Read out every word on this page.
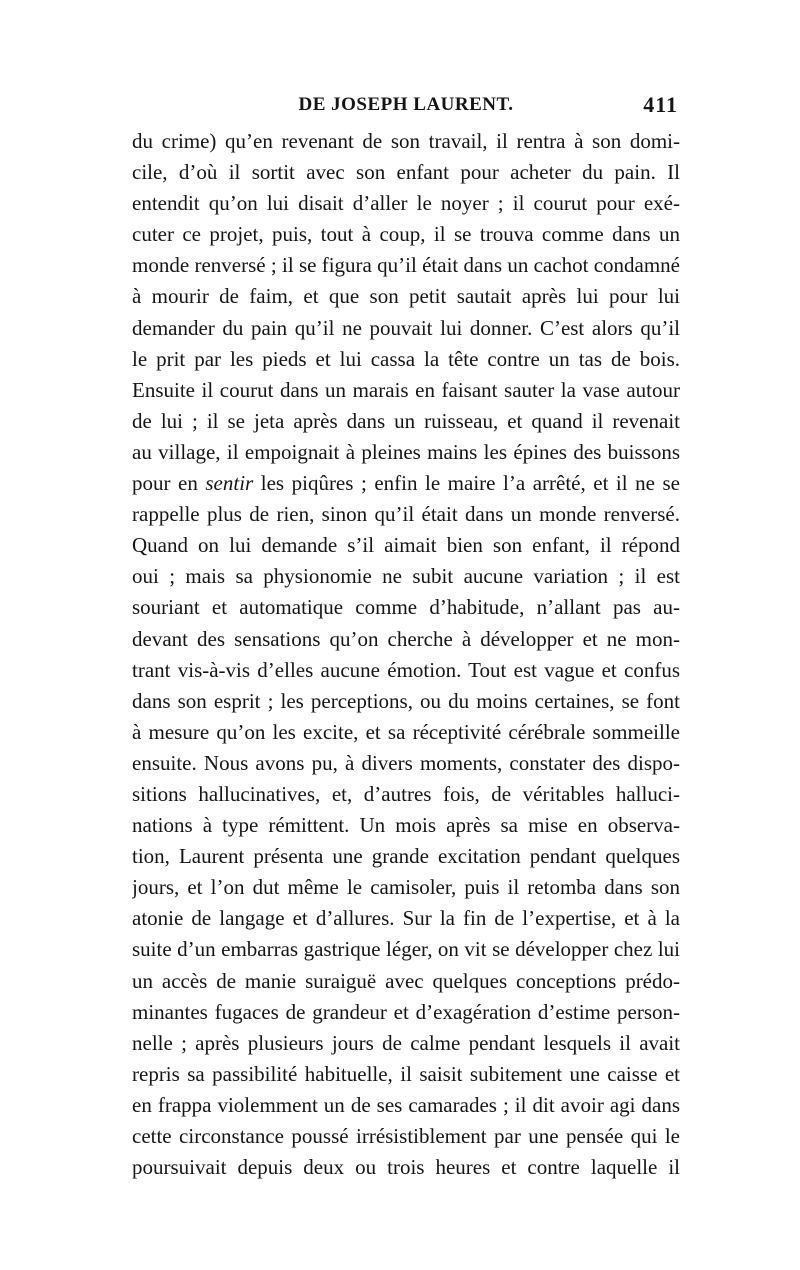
DE JOSEPH LAURENT.	411
du crime) qu’en revenant de son travail, il rentra à son domi-
cile, d’où il sortit avec son enfant pour acheter du pain. Il
entendit qu’on lui disait d’aller le noyer ; il courut pour exé-
cuter ce projet, puis, tout à coup, il se trouva comme dans un
monde renversé ; il se figura qu’il était dans un cachot condamné
à mourir de faim, et que son petit sautait après lui pour lui
demander du pain qu’il ne pouvait lui donner. C’est alors qu’il
le prit par les pieds et lui cassa la tête contre un tas de bois.
Ensuite il courut dans un marais en faisant sauter la vase autour
de lui ; il se jeta après dans un ruisseau, et quand il revenait
au village, il empoignait à pleines mains les épines des buissons
pour en sentir les piqûres ; enfin le maire l’a arrêté, et il ne se
rappelle plus de rien, sinon qu’il était dans un monde renversé.
Quand on lui demande s’il aimait bien son enfant, il répond
oui ; mais sa physionomie ne subit aucune variation ; il est
souriant et automatique comme d’habitude, n’allant pas au-
devant des sensations qu’on cherche à développer et ne mon-
trant vis-à-vis d’elles aucune émotion. Tout est vague et confus
dans son esprit ; les perceptions, ou du moins certaines, se font
à mesure qu’on les excite, et sa réceptivité cérébrale sommeille
ensuite. Nous avons pu, à divers moments, constater des dispo-
sitions hallucinatives, et, d’autres fois, de véritables halluci-
nations à type rémittent. Un mois après sa mise en observa-
tion, Laurent présenta une grande excitation pendant quelques
jours, et l’on dut même le camisoler, puis il retomba dans son
atonie de langage et d’allures. Sur la fin de l’expertise, et à la
suite d’un embarras gastrique léger, on vit se développer chez lui
un accès de manie suraiguë avec quelques conceptions prédo-
minantes fugaces de grandeur et d’exagération d’estime person-
nelle ; après plusieurs jours de calme pendant lesquels il avait
repris sa passibilité habituelle, il saisit subitement une caisse et
en frappa violemment un de ses camarades ; il dit avoir agi dans
cette circonstance poussé irrésistiblement par une pensée qui le
poursuivait depuis deux ou trois heures et contre laquelle il
